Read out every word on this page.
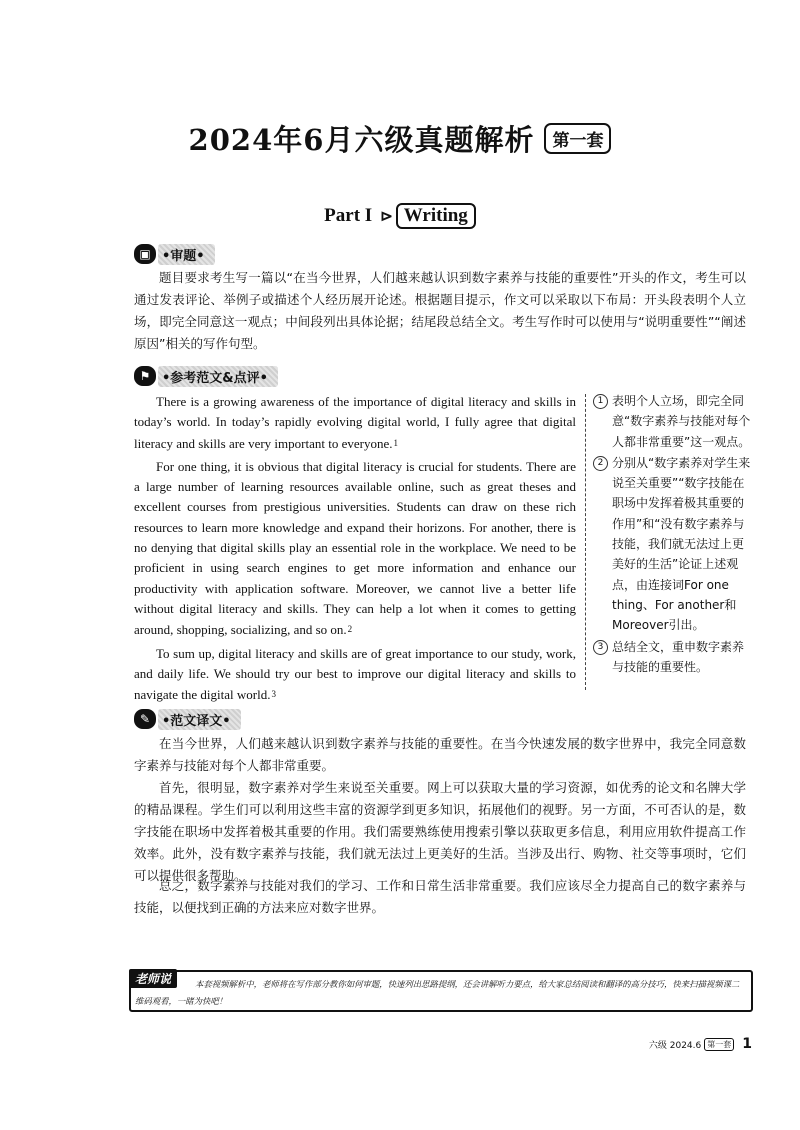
2024年6月六级真题解析 第一套
Part I ⊳ Writing
▣ •审题•

题目要求考生写一篇以“在当今世界，人们越来越认识到数字素养与技能的重要性”开头的作文，考生可以通过发表评论、举例子或描述个人经历展开论述。根据题目提示，作文可以采取以下布局：开头段表明个人立场，即完全同意这一观点；中间段列出具体论据；结尾段总结全文。考生写作时可以使用与“说明重要性”“阐述原因”相关的写作句型。

⚑ •参考范文&点评•

There is a growing awareness of the importance of digital literacy and skills in today’s world. In today’s rapidly evolving digital world, I fully agree that digital literacy and skills are very important to everyone.1

For one thing, it is obvious that digital literacy is crucial for students. There are a large number of learning resources available online, such as great theses and excellent courses from prestigious universities. Students can draw on these rich resources to learn more knowledge and expand their horizons. For another, there is no denying that digital skills play an essential role in the workplace. We need to be proficient in using search engines to get more information and enhance our productivity with application software. Moreover, we cannot live a better life without digital literacy and skills. They can help a lot when it comes to getting around, shopping, socializing, and so on.2

To sum up, digital literacy and skills are of great importance to our study, work, and daily life. We should try our best to improve our digital literacy and skills to navigate the digital world.3

1 表明个人立场，即完全同意“数字素养与技能对每个人都非常重要”这一观点。
2 分别从“数字素养对学生来说至关重要”“数字技能在职场中发挥着极其重要的作用”和“没有数字素养与技能，我们就无法过上更美好的生活”论证上述观点，由连接词For one thing、For another和Moreover引出。
3 总结全文，重申数字素养与技能的重要性。
✎ •范文译文•

在当今世界，人们越来越认识到数字素养与技能的重要性。在当今快速发展的数字世界中，我完全同意数字素养与技能对每个人都非常重要。

首先，很明显，数字素养对学生来说至关重要。网上可以获取大量的学习资源，如优秀的论文和名牌大学的精品课程。学生们可以利用这些丰富的资源学到更多知识，拓展他们的视野。另一方面，不可否认的是，数字技能在职场中发挥着极其重要的作用。我们需要熟练使用搜索引擎以获取更多信息，利用应用软件提高工作效率。此外，没有数字素养与技能，我们就无法过上更美好的生活。当涉及出行、购物、社交等事项时，它们可以提供很多帮助。

总之，数字素养与技能对我们的学习、工作和日常生活非常重要。我们应该尽全力提高自己的数字素养与技能，以便找到正确的方法来应对数字世界。

老师说	本套视频解析中，老师将在写作部分教你如何审题，快速列出思路提纲，还会讲解听力要点，给大家总结阅读和翻译的高分技巧，快来扫描视频课二维码观看，一睹为快吧！

六级 2024.6 第一套 1
